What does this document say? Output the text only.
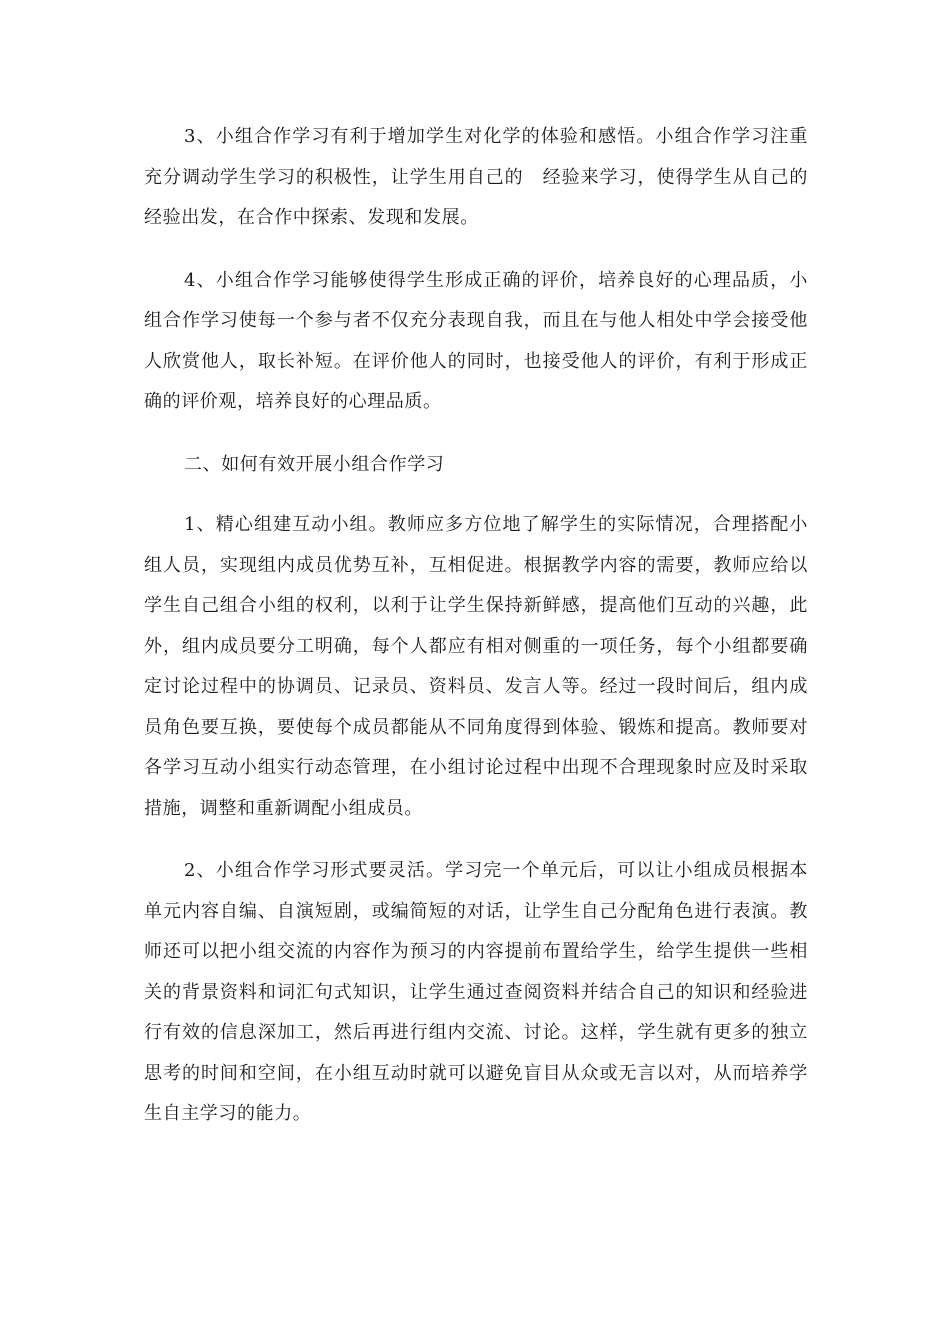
3、小组合作学习有利于增加学生对化学的体验和感悟。小组合作学习注重充分调动学生学习的积极性，让学生用自己的　经验来学习，使得学生从自己的经验出发，在合作中探索、发现和发展。

4、小组合作学习能够使得学生形成正确的评价，培养良好的心理品质，小组合作学习使每一个参与者不仅充分表现自我，而且在与他人相处中学会接受他人欣赏他人，取长补短。在评价他人的同时，也接受他人的评价，有利于形成正确的评价观，培养良好的心理品质。

二、如何有效开展小组合作学习

1、精心组建互动小组。教师应多方位地了解学生的实际情况，合理搭配小组人员，实现组内成员优势互补，互相促进。根据教学内容的需要，教师应给以学生自己组合小组的权利，以利于让学生保持新鲜感，提高他们互动的兴趣，此外，组内成员要分工明确，每个人都应有相对侧重的一项任务，每个小组都要确定讨论过程中的协调员、记录员、资料员、发言人等。经过一段时间后，组内成员角色要互换，要使每个成员都能从不同角度得到体验、锻炼和提高。教师要对各学习互动小组实行动态管理，在小组讨论过程中出现不合理现象时应及时采取措施，调整和重新调配小组成员。

2、小组合作学习形式要灵活。学习完一个单元后，可以让小组成员根据本单元内容自编、自演短剧，或编简短的对话，让学生自己分配角色进行表演。教师还可以把小组交流的内容作为预习的内容提前布置给学生，给学生提供一些相关的背景资料和词汇句式知识，让学生通过查阅资料并结合自己的知识和经验进行有效的信息深加工，然后再进行组内交流、讨论。这样，学生就有更多的独立思考的时间和空间，在小组互动时就可以避免盲目从众或无言以对，从而培养学生自主学习的能力。
